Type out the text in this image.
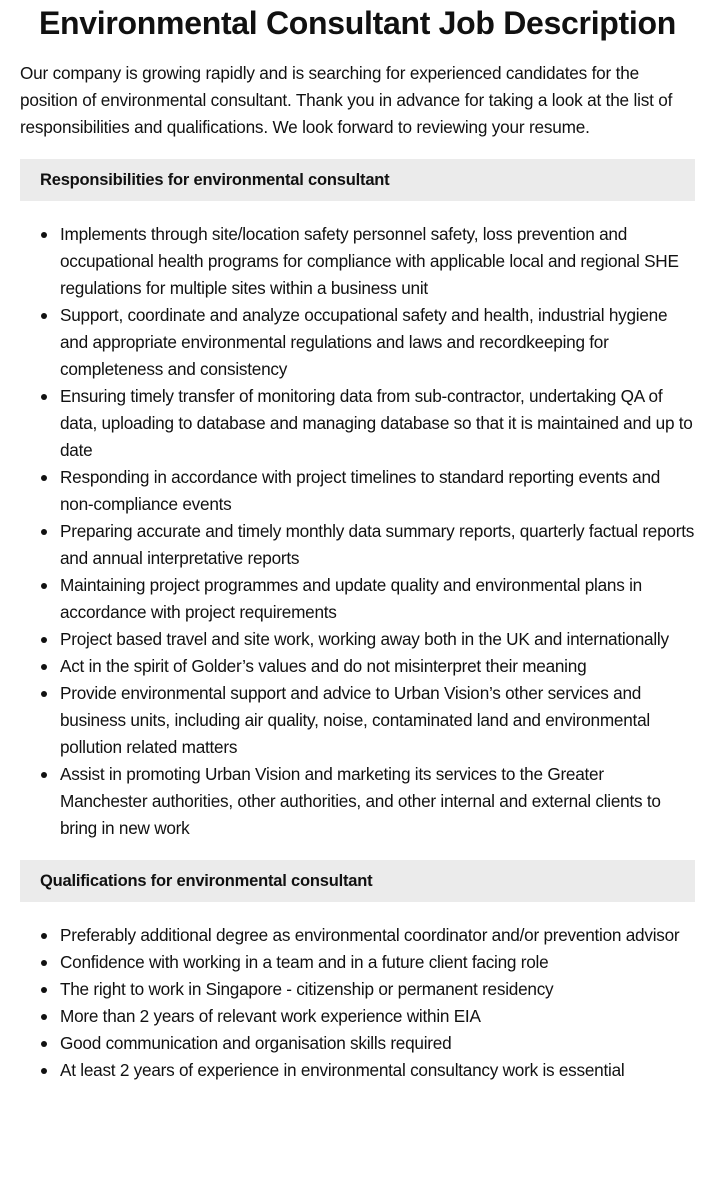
Environmental Consultant Job Description

Our company is growing rapidly and is searching for experienced candidates for the position of environmental consultant. Thank you in advance for taking a look at the list of responsibilities and qualifications. We look forward to reviewing your resume.

Responsibilities for environmental consultant
Implements through site/location safety personnel safety, loss prevention and occupational health programs for compliance with applicable local and regional SHE regulations for multiple sites within a business unit
Support, coordinate and analyze occupational safety and health, industrial hygiene and appropriate environmental regulations and laws and recordkeeping for completeness and consistency
Ensuring timely transfer of monitoring data from sub-contractor, undertaking QA of data, uploading to database and managing database so that it is maintained and up to date
Responding in accordance with project timelines to standard reporting events and non-compliance events
Preparing accurate and timely monthly data summary reports, quarterly factual reports and annual interpretative reports
Maintaining project programmes and update quality and environmental plans in accordance with project requirements
Project based travel and site work, working away both in the UK and internationally
Act in the spirit of Golder’s values and do not misinterpret their meaning
Provide environmental support and advice to Urban Vision’s other services and business units, including air quality, noise, contaminated land and environmental pollution related matters
Assist in promoting Urban Vision and marketing its services to the Greater Manchester authorities, other authorities, and other internal and external clients to bring in new work
Qualifications for environmental consultant
Preferably additional degree as environmental coordinator and/or prevention advisor
Confidence with working in a team and in a future client facing role
The right to work in Singapore - citizenship or permanent residency
More than 2 years of relevant work experience within EIA
Good communication and organisation skills required
At least 2 years of experience in environmental consultancy work is essential
